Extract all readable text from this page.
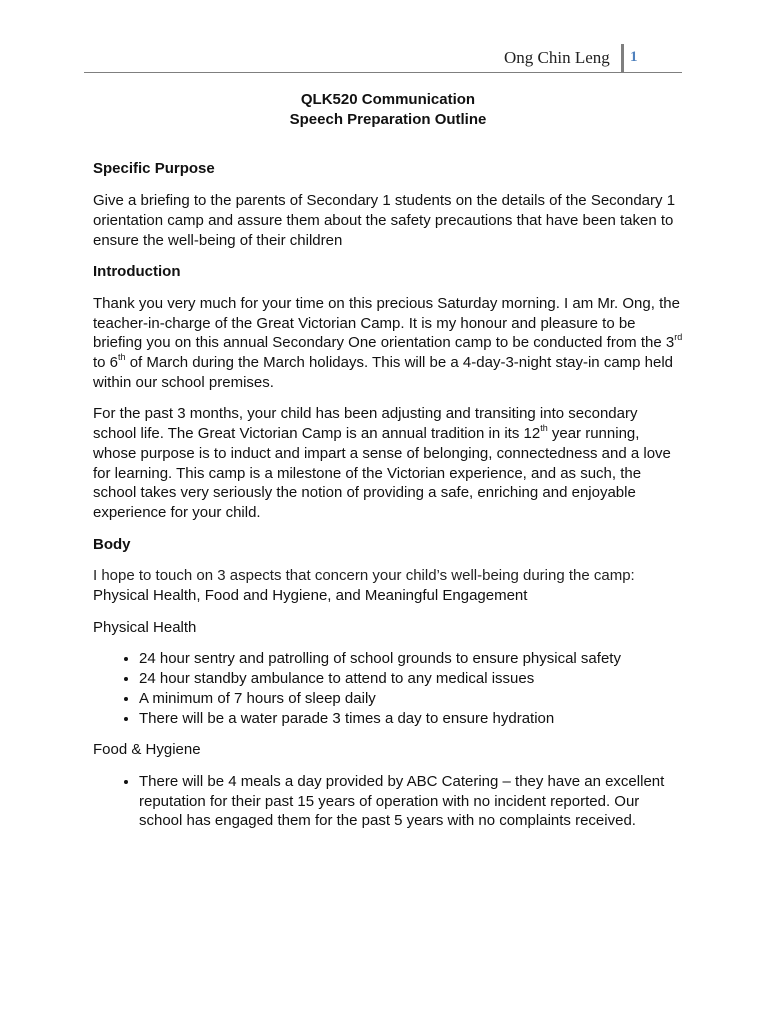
Ong Chin Leng 1

QLK520 Communication

Speech Preparation Outline

Specific Purpose

Give a briefing to the parents of Secondary 1 students on the details of the Secondary 1 orientation camp and assure them about the safety precautions that have been taken to ensure the well-being of their children

Introduction

Thank you very much for your time on this precious Saturday morning. I am Mr. Ong, the teacher-in-charge of the Great Victorian Camp. It is my honour and pleasure to be briefing you on this annual Secondary One orientation camp to be conducted from the 3rd to 6th of March during the March holidays. This will be a 4-day-3-night stay-in camp held within our school premises.

For the past 3 months, your child has been adjusting and transiting into secondary school life. The Great Victorian Camp is an annual tradition in its 12th year running, whose purpose is to induct and impart a sense of belonging, connectedness and a love for learning. This camp is a milestone of the Victorian experience, and as such, the school takes very seriously the notion of providing a safe, enriching and enjoyable experience for your child.

Body

I hope to touch on 3 aspects that concern your child’s well-being during the camp:
Physical Health, Food and Hygiene, and Meaningful Engagement

Physical Health

• 24 hour sentry and patrolling of school grounds to ensure physical safety
• 24 hour standby ambulance to attend to any medical issues
• A minimum of 7 hours of sleep daily
• There will be a water parade 3 times a day to ensure hydration

Food & Hygiene

• There will be 4 meals a day provided by ABC Catering – they have an excellent reputation for their past 15 years of operation with no incident reported. Our school has engaged them for the past 5 years with no complaints received.
